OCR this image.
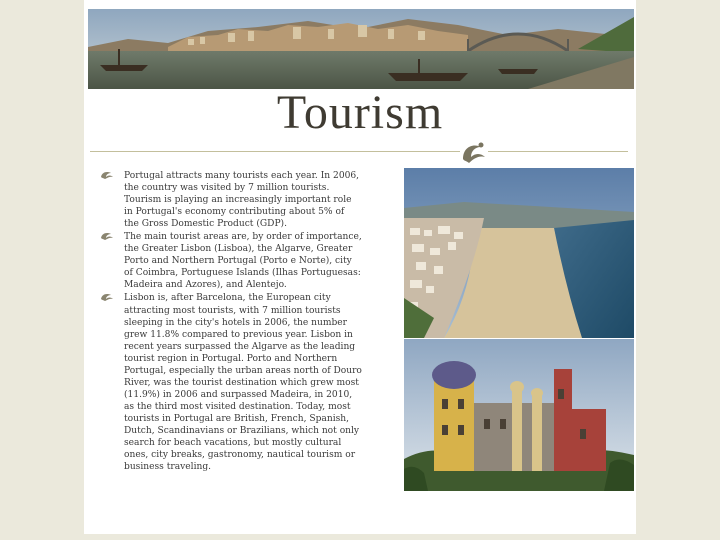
Tourism
Portugal attracts many tourists each year. In 2006, the country was visited by 7 million tourists. Tourism is playing an increasingly important role in Portugal's economy contributing about 5% of the Gross Domestic Product (GDP).
The main tourist areas are, by order of importance, the Greater Lisbon (Lisboa), the Algarve, Greater Porto and Northern Portugal (Porto e Norte), city of Coimbra, Portuguese Islands (Ilhas Portuguesas: Madeira and Azores), and Alentejo.
Lisbon is, after Barcelona, the European city attracting most tourists, with 7 million tourists sleeping in the city's hotels in 2006, the number grew 11.8% compared to previous year. Lisbon in recent years surpassed the Algarve as the leading tourist region in Portugal. Porto and Northern Portugal, especially the urban areas north of Douro River, was the tourist destination which grew most (11.9%) in 2006 and surpassed Madeira, in 2010, as the third most visited destination. Today, most tourists in Portugal are British, French, Spanish, Dutch, Scandinavians or Brazilians, which not only search for beach vacations, but mostly cultural ones, city breaks, gastronomy, nautical tourism or business traveling.
